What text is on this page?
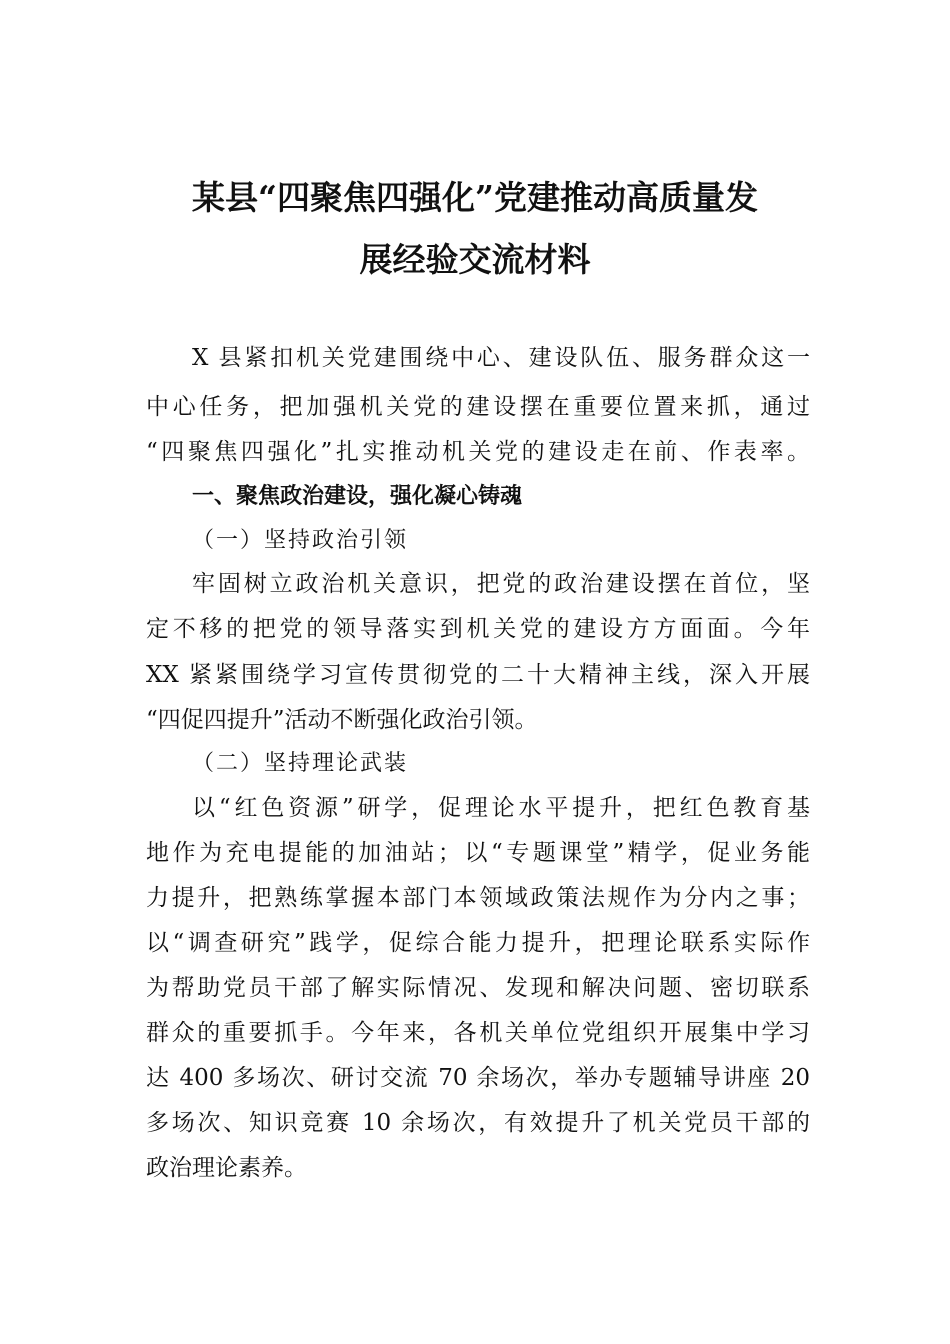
某县“四聚焦四强化”党建推动高质量发
展经验交流材料
X 县紧扣机关党建围绕中心、建设队伍、服务群众这一
中心任务，把加强机关党的建设摆在重要位置来抓，通过
“四聚焦四强化”扎实推动机关党的建设走在前、作表率。
一、聚焦政治建设，强化凝心铸魂
（一）坚持政治引领
牢固树立政治机关意识，把党的政治建设摆在首位，坚
定不移的把党的领导落实到机关党的建设方方面面。今年
XX 紧紧围绕学习宣传贯彻党的二十大精神主线，深入开展
“四促四提升”活动不断强化政治引领。
（二）坚持理论武装
以“红色资源”研学，促理论水平提升，把红色教育基
地作为充电提能的加油站；以“专题课堂”精学，促业务能
力提升，把熟练掌握本部门本领域政策法规作为分内之事；
以“调查研究”践学，促综合能力提升，把理论联系实际作
为帮助党员干部了解实际情况、发现和解决问题、密切联系
群众的重要抓手。今年来，各机关单位党组织开展集中学习
达 400 多场次、研讨交流 70 余场次，举办专题辅导讲座 20
多场次、知识竞赛 10 余场次，有效提升了机关党员干部的
政治理论素养。
